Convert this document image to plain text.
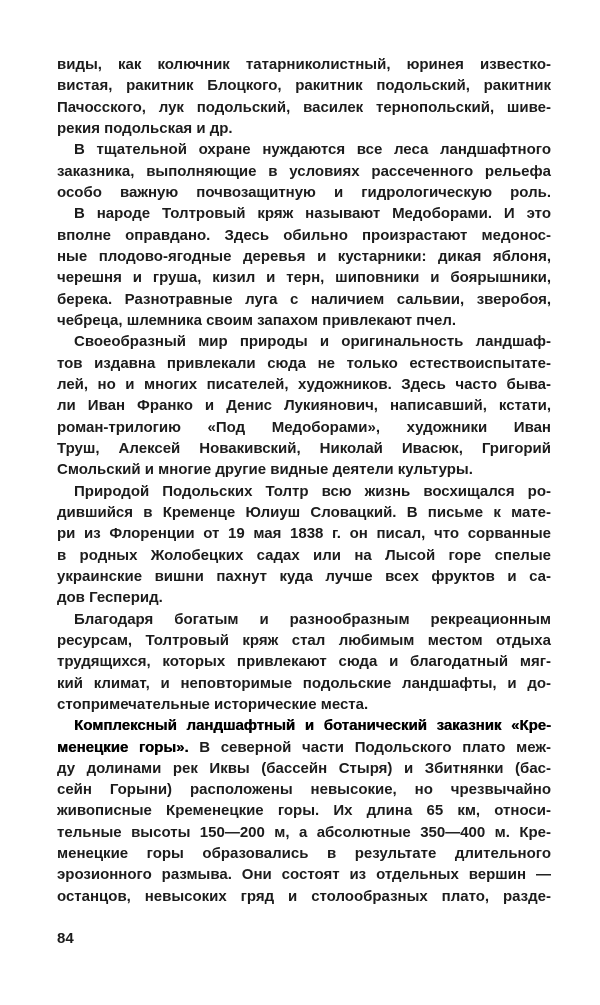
виды, как колючник татарниколистный, юринея известко-
вистая, ракитник Блоцкого, ракитник подольский, ракитник
Пачосского, лук подольский, василек тернопольский, шиве-
рекия подольская и др.
В тщательной охране нуждаются все леса ландшафтного
заказника, выполняющие в условиях рассеченного рельефа
особо важную почвозащитную и гидрологическую роль.
В народе Толтровый кряж называют Медоборами. И это
вполне оправдано. Здесь обильно произрастают медонос-
ные плодово-ягодные деревья и кустарники: дикая яблоня,
черешня и груша, кизил и терн, шиповники и боярышники,
берека. Разнотравные луга с наличием сальвии, зверобоя,
чебреца, шлемника своим запахом привлекают пчел.
Своеобразный мир природы и оригинальность ландшаф-
тов издавна привлекали сюда не только естествоиспытате-
лей, но и многих писателей, художников. Здесь часто быва-
ли Иван Франко и Денис Лукиянович, написавший, кстати,
роман-трилогию «Под Медоборами», художники Иван
Труш, Алексей Новакивский, Николай Ивасюк, Григорий
Смольский и многие другие видные деятели культуры.
Природой Подольских Толтр всю жизнь восхищался ро-
дившийся в Кременце Юлиуш Словацкий. В письме к мате-
ри из Флоренции от 19 мая 1838 г. он писал, что сорванные
в родных Жолобецких садах или на Лысой горе спелые
украинские вишни пахнут куда лучше всех фруктов и са-
дов Гесперид.
Благодаря богатым и разнообразным рекреационным
ресурсам, Толтровый кряж стал любимым местом отдыха
трудящихся, которых привлекают сюда и благодатный мяг-
кий климат, и неповторимые подольские ландшафты, и до-
стопримечательные исторические места.
Комплексный ландшафтный и ботанический заказник «Кре-
менецкие горы». В северной части Подольского плато меж-
ду долинами рек Иквы (бассейн Стыря) и Збитнянки (бас-
сейн Горыни) расположены невысокие, но чрезвычайно
живописные Кременецкие горы. Их длина 65 км, относи-
тельные высоты 150—200 м, а абсолютные 350—400 м. Кре-
менецкие горы образовались в результате длительного
эрозионного размыва. Они состоят из отдельных вершин —
останцов, невысоких гряд и столообразных плато, разде-
84
